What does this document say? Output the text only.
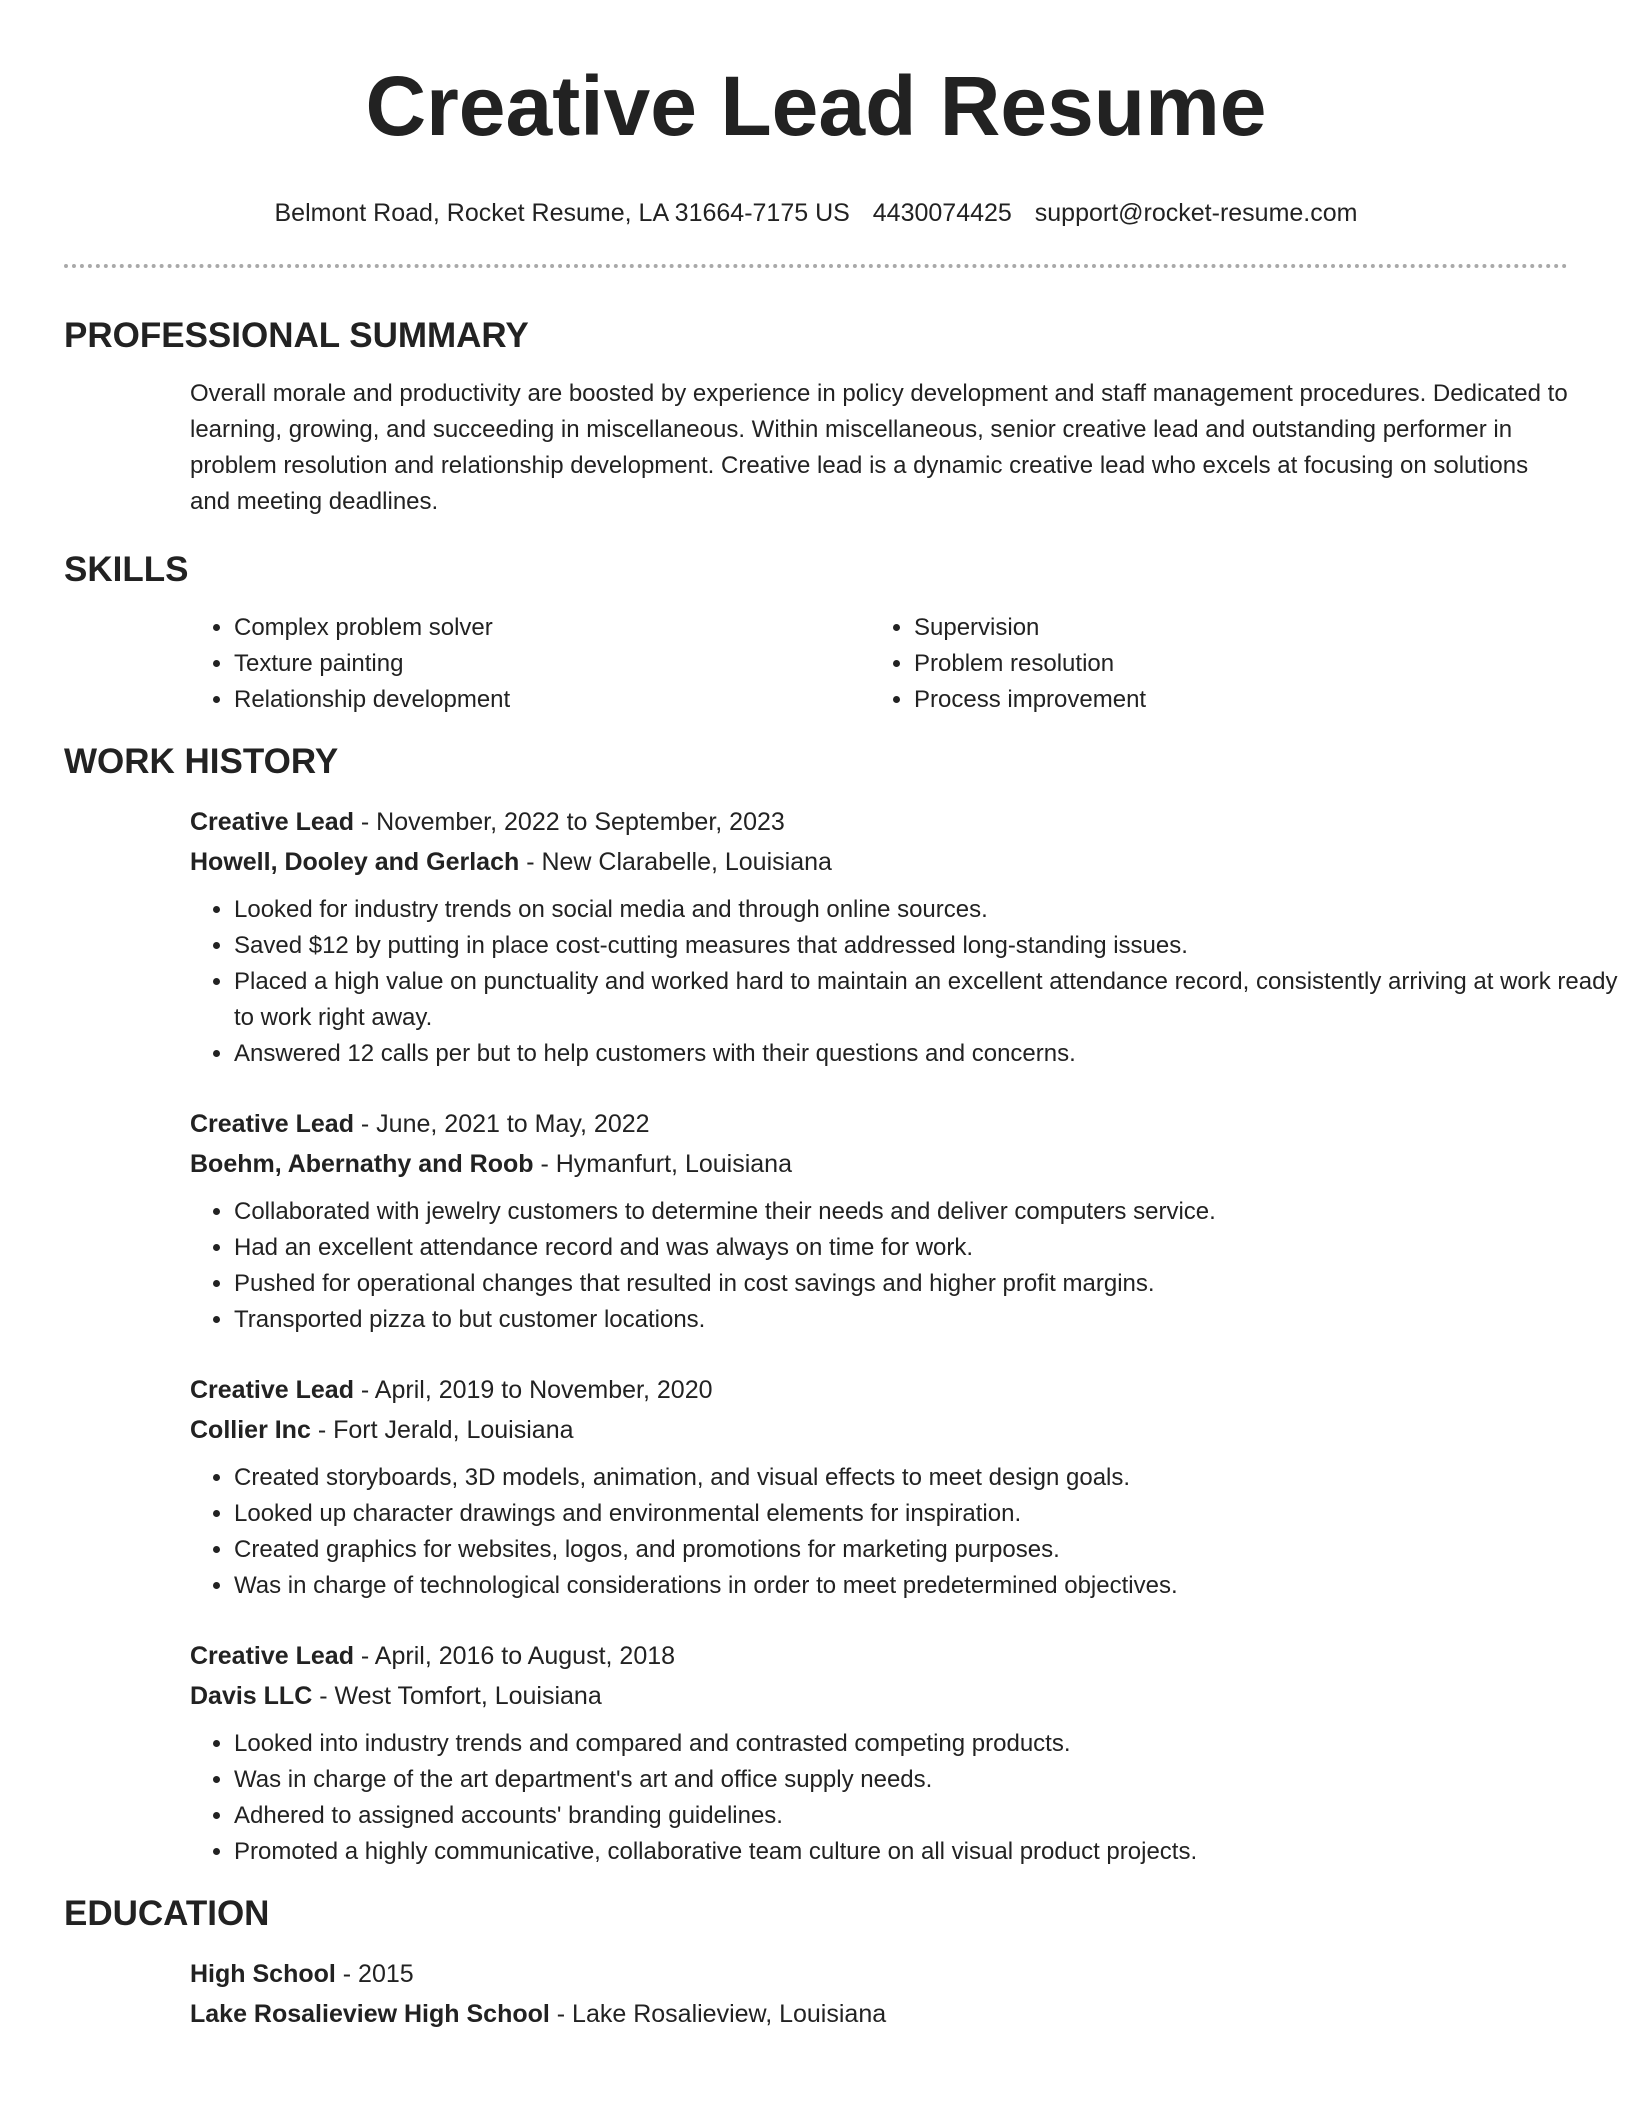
Creative Lead Resume
Belmont Road, Rocket Resume, LA 31664-7175 US 4430074425 support@rocket-resume.com
PROFESSIONAL SUMMARY
Overall morale and productivity are boosted by experience in policy development and staff management procedures. Dedicated to learning, growing, and succeeding in miscellaneous. Within miscellaneous, senior creative lead and outstanding performer in problem resolution and relationship development. Creative lead is a dynamic creative lead who excels at focusing on solutions and meeting deadlines.
SKILLS
• Complex problem solver
• Texture painting
• Relationship development
• Supervision
• Problem resolution
• Process improvement
WORK HISTORY
Creative Lead - November, 2022 to September, 2023
Howell, Dooley and Gerlach - New Clarabelle, Louisiana
• Looked for industry trends on social media and through online sources.
• Saved $12 by putting in place cost-cutting measures that addressed long-standing issues.
• Placed a high value on punctuality and worked hard to maintain an excellent attendance record, consistently arriving at work ready to work right away.
• Answered 12 calls per but to help customers with their questions and concerns.
Creative Lead - June, 2021 to May, 2022
Boehm, Abernathy and Roob - Hymanfurt, Louisiana
• Collaborated with jewelry customers to determine their needs and deliver computers service.
• Had an excellent attendance record and was always on time for work.
• Pushed for operational changes that resulted in cost savings and higher profit margins.
• Transported pizza to but customer locations.
Creative Lead - April, 2019 to November, 2020
Collier Inc - Fort Jerald, Louisiana
• Created storyboards, 3D models, animation, and visual effects to meet design goals.
• Looked up character drawings and environmental elements for inspiration.
• Created graphics for websites, logos, and promotions for marketing purposes.
• Was in charge of technological considerations in order to meet predetermined objectives.
Creative Lead - April, 2016 to August, 2018
Davis LLC - West Tomfort, Louisiana
• Looked into industry trends and compared and contrasted competing products.
• Was in charge of the art department's art and office supply needs.
• Adhered to assigned accounts' branding guidelines.
• Promoted a highly communicative, collaborative team culture on all visual product projects.
EDUCATION
High School - 2015
Lake Rosalieview High School - Lake Rosalieview, Louisiana
